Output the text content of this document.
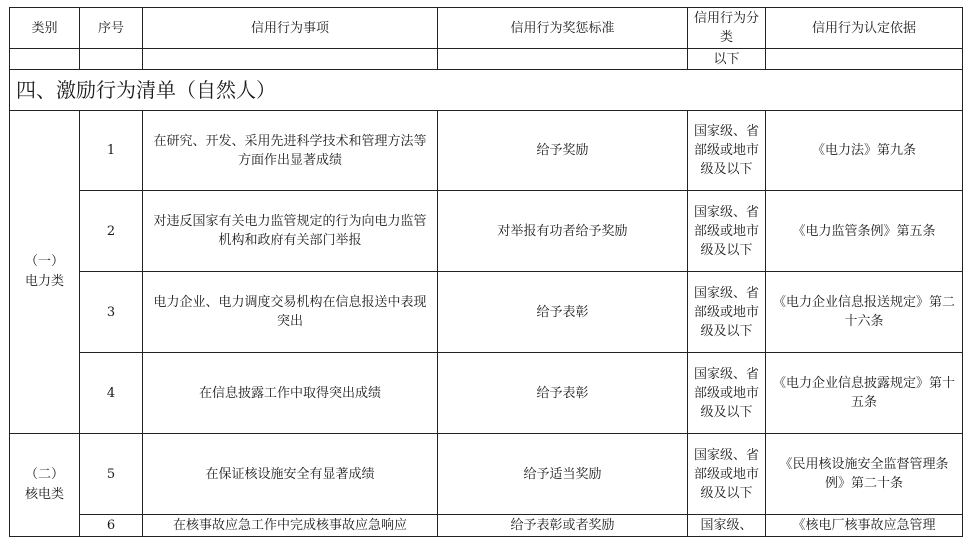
类别	序号	信用行为事项	信用行为奖惩标准	信用行为分类	信用行为认定依据
				以下	
四、激励行为清单（自然人）					

（一）
电力类	1	在研究、开发、采用先进科学技术和管理方法等方面作出显著成绩	给予奖励	国家级、省部级或地市级及以下	《电力法》第九条
	2	对违反国家有关电力监管规定的行为向电力监管机构和政府有关部门举报	对举报有功者给予奖励	国家级、省部级或地市级及以下	《电力监管条例》第五条
	3	电力企业、电力调度交易机构在信息报送中表现突出	给予表彰	国家级、省部级或地市级及以下	《电力企业信息报送规定》第二十六条
	4	在信息披露工作中取得突出成绩	给予表彰	国家级、省部级或地市级及以下	《电力企业信息披露规定》第十五条

（二）
核电类	5	在保证核设施安全有显著成绩	给予适当奖励	国家级、省部级或地市级及以下	《民用核设施安全监督管理条例》第二十条
	6	在核事故应急工作中完成核事故应急响应	给予表彰或者奖励	国家级、	《核电厂核事故应急管理
